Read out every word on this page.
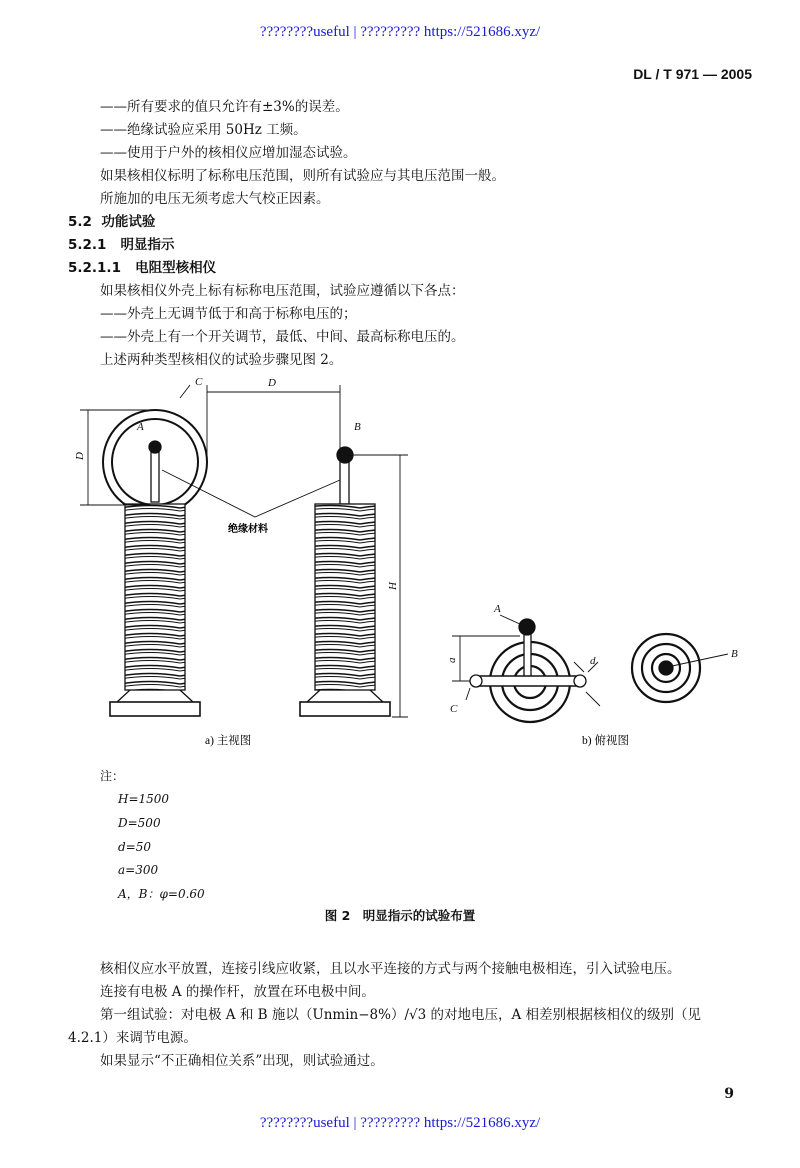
????????useful | ????????? https://521686.xyz/
DL / T 971 — 2005
——所有要求的值只允许有±3%的误差。
——绝缘试验应采用 50Hz 工频。
——使用于户外的核相仪应增加湿态试验。
如果核相仪标明了标称电压范围，则所有试验应与其电压范围一般。
所施加的电压无须考虑大气校正因素。
5.2 功能试验
5.2.1 明显指示
5.2.1.1 电阻型核相仪
如果核相仪外壳上标有标称电压范围，试验应遵循以下各点：
——外壳上无调节低于和高于标称电压的；
——外壳上有一个开关调节，最低、中间、最高标称电压的。
上述两种类型核相仪的试验步骤见图 2。
C	D
D
A	B
H
A
a	d
C
B
绝缘材料
a) 主视图	b) 俯视图
注：
H=1500
D=500
d=50
a=300
A，B：φ=0.60
图 2　明显指示的试验布置
核相仪应水平放置，连接引线应收紧，且以水平连接的方式与两个接触电极相连，引入试验电压。
连接有电极 A 的操作杆，放置在环电极中间。
第一组试验：对电极 A 和 B 施以（Unmin−8%）/√3 的对地电压，A 相差别根据核相仪的级别（见
4.2.1）来调节电源。
如果显示“不正确相位关系”出现，则试验通过。
9
????????useful | ????????? https://521686.xyz/
